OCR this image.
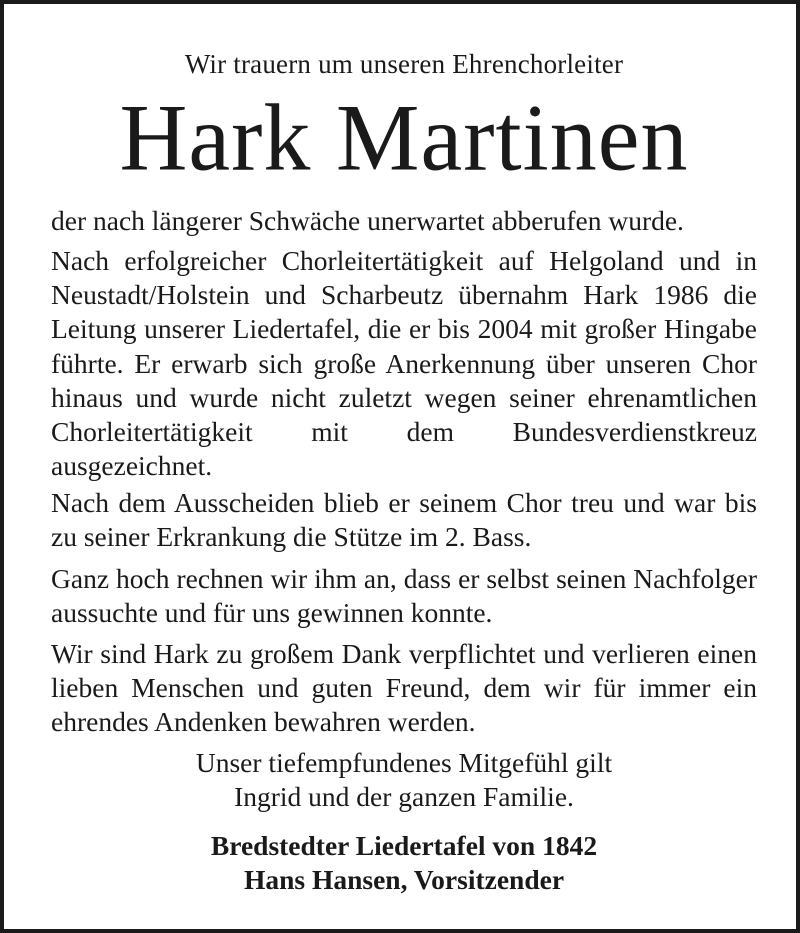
Wir trauern um unseren Ehrenchorleiter
Hark Martinen
der nach längerer Schwäche unerwartet abberufen wurde.
Nach erfolgreicher Chorleitertätigkeit auf Helgoland und in Neustadt/Holstein und Scharbeutz übernahm Hark 1986 die Leitung unserer Liedertafel, die er bis 2004 mit großer Hingabe führte. Er erwarb sich große Anerkennung über unseren Chor hinaus und wurde nicht zuletzt wegen seiner ehrenamtlichen Chorleitertätigkeit mit dem Bundesverdienstkreuz ausgezeichnet.
Nach dem Ausscheiden blieb er seinem Chor treu und war bis zu seiner Erkrankung die Stütze im 2. Bass.
Ganz hoch rechnen wir ihm an, dass er selbst seinen Nachfolger aussuchte und für uns gewinnen konnte.
Wir sind Hark zu großem Dank verpflichtet und verlieren einen lieben Menschen und guten Freund, dem wir für immer ein ehrendes Andenken bewahren werden.
Unser tiefempfundenes Mitgefühl gilt
Ingrid und der ganzen Familie.
Bredstedter Liedertafel von 1842
Hans Hansen, Vorsitzender
